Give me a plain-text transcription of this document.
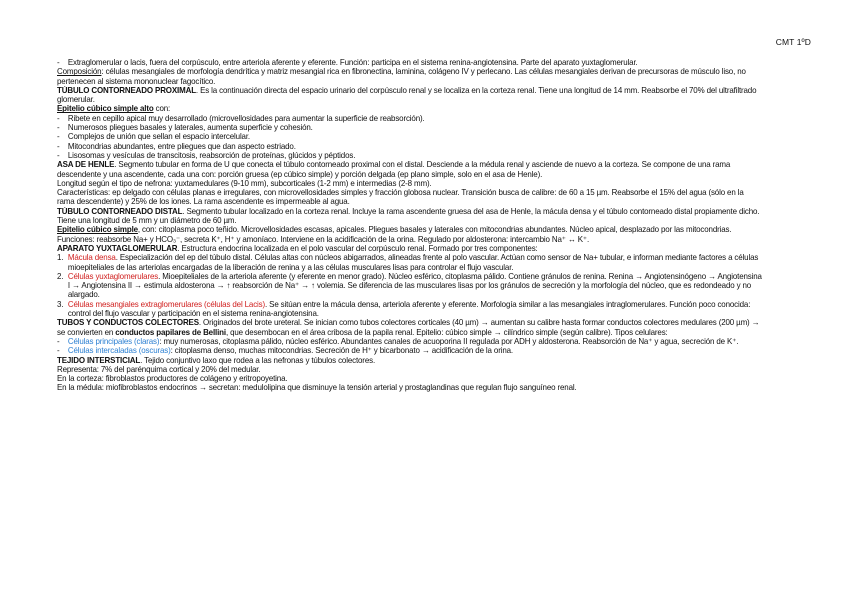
CMT 1ºD

- Extraglomerular o lacis, fuera del corpúsculo, entre arteriola aferente y eferente. Función: participa en el sistema renina-angiotensina. Parte del aparato yuxtaglomerular.

Composición: células mesangiales de morfología dendrítica y matriz mesangial rica en fibronectina, laminina, colágeno IV y perlecano. Las células mesangiales derivan de precursoras de músculo liso, no pertenecen al sistema mononuclear fagocítico.

TÚBULO CONTORNEADO PROXIMAL. Es la continuación directa del espacio urinario del corpúsculo renal y se localiza en la corteza renal. Tiene una longitud de 14 mm. Reabsorbe el 70% del ultrafiltrado glomerular.

Epitelio cúbico simple alto con:

- Ribete en cepillo apical muy desarrollado (microvellosidades para aumentar la superficie de reabsorción).

- Numerosos pliegues basales y laterales, aumenta superficie y cohesión.

- Complejos de unión que sellan el espacio intercelular.

- Mitocondrias abundantes, entre pliegues que dan aspecto estriado.

- Lisosomas y vesículas de transcitosis, reabsorción de proteínas, glúcidos y péptidos.

ASA DE HENLE. Segmento tubular en forma de U que conecta el túbulo contorneado proximal con el distal. Desciende a la médula renal y asciende de nuevo a la corteza. Se compone de una rama descendente y una ascendente, cada una con: porción gruesa (ep cúbico simple) y porción delgada (ep plano simple, solo en el asa de Henle).

Longitud según el tipo de nefrona: yuxtamedulares (9-10 mm), subcorticales (1-2 mm) e intermedias (2-8 mm).

Características: ep delgado con células planas e irregulares, con microvellosidades simples y fracción globosa nuclear. Transición busca de calibre: de 60 a 15 µm. Reabsorbe el 15% del agua (sólo en la rama descendente) y 25% de los iones. La rama ascendente es impermeable al agua.

TÚBULO CONTORNEADO DISTAL. Segmento tubular localizado en la corteza renal. Incluye la rama ascendente gruesa del asa de Henle, la mácula densa y el túbulo contorneado distal propiamente dicho. Tiene una longitud de 5 mm y un diámetro de 60 µm.

Epitelio cúbico simple, con: citoplasma poco teñido. Microvellosidades escasas, apicales. Pliegues basales y laterales con mitocondrias abundantes. Núcleo apical, desplazado por las mitocondrias.

Funciones: reabsorbe Na+ y HCO₃⁻, secreta K⁺, H⁺ y amoníaco. Interviene en la acidificación de la orina. Regulado por aldosterona: intercambio Na⁺ ↔ K⁺.

APARATO YUXTAGLOMERULAR. Estructura endocrina localizada en el polo vascular del corpúsculo renal. Formado por tres componentes:

1. Mácula densa. Especialización del ep del túbulo distal. Células altas con núcleos abigarrados, alineadas frente al polo vascular. Actúan como sensor de Na+ tubular, e informan mediante factores a células mioepiteliales de las arteriolas encargadas de la liberación de renina y a las células musculares lisas para controlar el flujo vascular.

2. Células yuxtaglomerulares. Mioepiteliales de la arteriola aferente (y eferente en menor grado). Núcleo esférico, citoplasma pálido. Contiene gránulos de renina. Renina → Angiotensinógeno → Angiotensina I → Angiotensina II → estimula aldosterona → ↑ reabsorción de Na⁺ → ↑ volemia. Se diferencia de las musculares lisas por los gránulos de secreción y la morfología del núcleo, que es redondeado y no alargado.

3. Células mesangiales extraglomerulares (células del Lacis). Se sitúan entre la mácula densa, arteriola aferente y eferente. Morfología similar a las mesangiales intraglomerulares. Función poco conocida: control del flujo vascular y participación en el sistema renina-angiotensina.

TUBOS Y CONDUCTOS COLECTORES. Originados del brote ureteral. Se inician como tubos colectores corticales (40 µm) → aumentan su calibre hasta formar conductos colectores medulares (200 µm) → se convierten en conductos papilares de Bellini, que desembocan en el área cribosa de la papila renal. Epitelio: cúbico simple → cilíndrico simple (según calibre). Tipos celulares:

- Células principales (claras): muy numerosas, citoplasma pálido, núcleo esférico. Abundantes canales de acuoporina II regulada por ADH y aldosterona. Reabsorción de Na⁺ y agua, secreción de K⁺.

- Células intercaladas (oscuras): citoplasma denso, muchas mitocondrias. Secreción de H⁺ y bicarbonato → acidificación de la orina.

TEJIDO INTERSTICIAL. Tejido conjuntivo laxo que rodea a las nefronas y túbulos colectores.

Representa: 7% del parénquima cortical y 20% del medular.

En la corteza: fibroblastos productores de colágeno y eritropoyetina.

En la médula: miofibroblastos endocrinos → secretan: medulolipina que disminuye la tensión arterial y prostaglandinas que regulan flujo sanguíneo renal.
